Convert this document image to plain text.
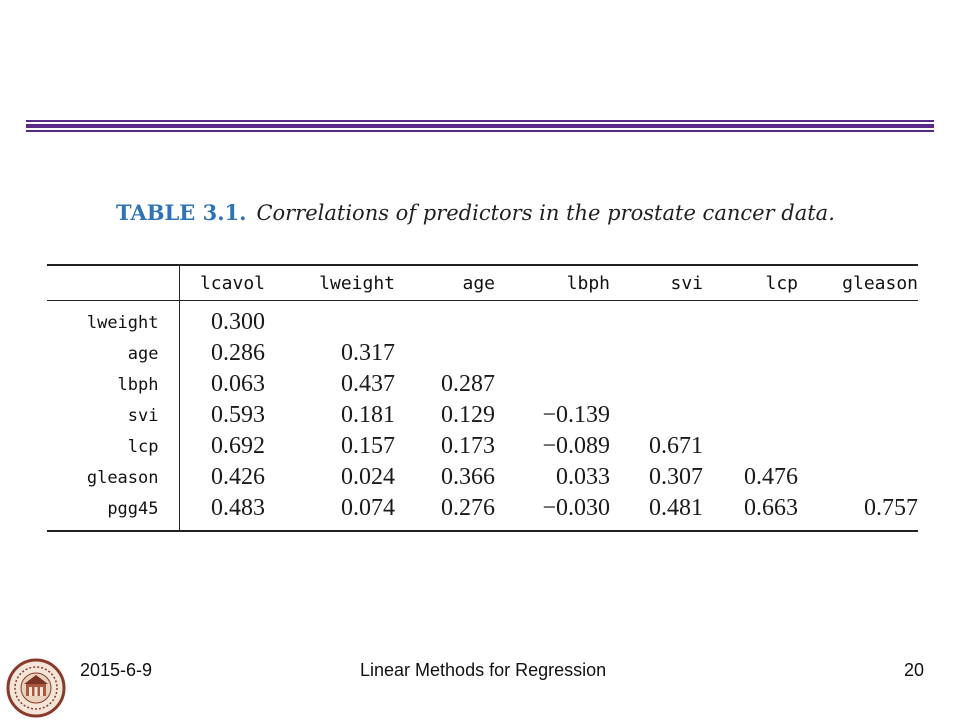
TABLE 3.1. Correlations of predictors in the prostate cancer data.
	lcavol	lweight	age	lbph	svi	lcp	gleason
lweight	0.300						
age	0.286	0.317					
lbph	0.063	0.437	0.287				
svi	0.593	0.181	0.129	−0.139			
lcp	0.692	0.157	0.173	−0.089	0.671		
gleason	0.426	0.024	0.366	0.033	0.307	0.476	
pgg45	0.483	0.074	0.276	−0.030	0.481	0.663	0.757
2015-6-9	Linear Methods for Regression	20
